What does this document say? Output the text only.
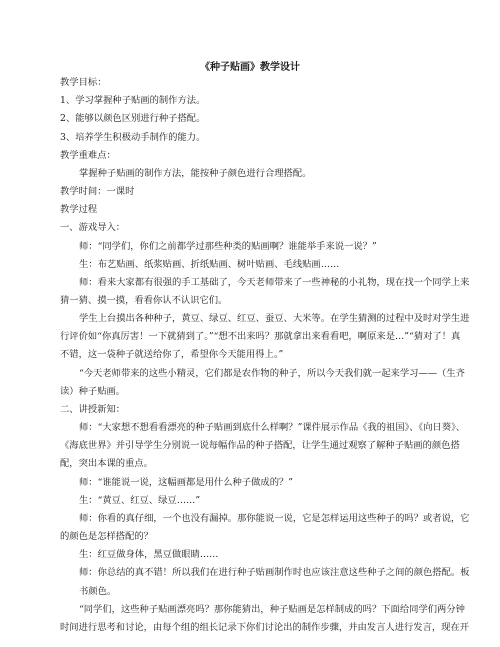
《种子贴画》教学设计
教学目标：
1、学习掌握种子贴画的制作方法。
2、能够以颜色区别进行种子搭配。
3、培养学生积极动手制作的能力。
教学重难点：
掌握种子贴画的制作方法，能按种子颜色进行合理搭配。
教学时间：一课时
教学过程
一、游戏导入：
师：“同学们，你们之前都学过那些种类的贴画啊？谁能举手来说一说？”
生：布艺贴画、纸浆贴画、折纸贴画、树叶贴画、毛线贴画……
师：看来大家都有很强的手工基础了，今天老师带来了一些神秘的小礼物，现在找一个同学上来
猜一猜、摸一摸，看看你认不认识它们。
学生上台摸出各种种子，黄豆、绿豆、红豆、蚕豆、大米等。在学生猜测的过程中及时对学生进
行评价如“你真厉害！一下就猜到了。”“想不出来吗？那就拿出来看看吧，啊原来是…”“猜对了！真
不错，这一袋种子就送给你了，希望你今天能用得上。”
“今天老师带来的这些小精灵，它们都是农作物的种子，所以今天我们就一起来学习——（生齐
读）种子贴画。
二、讲授新知：
师：“大家想不想看看漂亮的种子贴画到底什么样啊？”课件展示作品《我的祖国》、《向日葵》、
《海底世界》并引导学生分别说一说每幅作品的种子搭配，让学生通过观察了解种子贴画的颜色搭
配，突出本课的重点。
师：“谁能说一说，这幅画都是用什么种子做成的？”
生：“黄豆、红豆、绿豆……”
师：你看的真仔细，一个也没有漏掉。那你能说一说，它是怎样运用这些种子的吗？或者说，它
的颜色是怎样搭配的？
生：红豆做身体，黑豆做眼睛……
师：你总结的真不错！所以我们在进行种子贴画制作时也应该注意这些种子之间的颜色搭配。板
书颜色。
“同学们，这些种子贴画漂亮吗？那你能猜出，种子贴画是怎样制成的吗？下面给同学们两分钟
时间进行思考和讨论，由每个组的组长记录下你们讨论出的制作步骤，并由发言人进行发言，现在开
